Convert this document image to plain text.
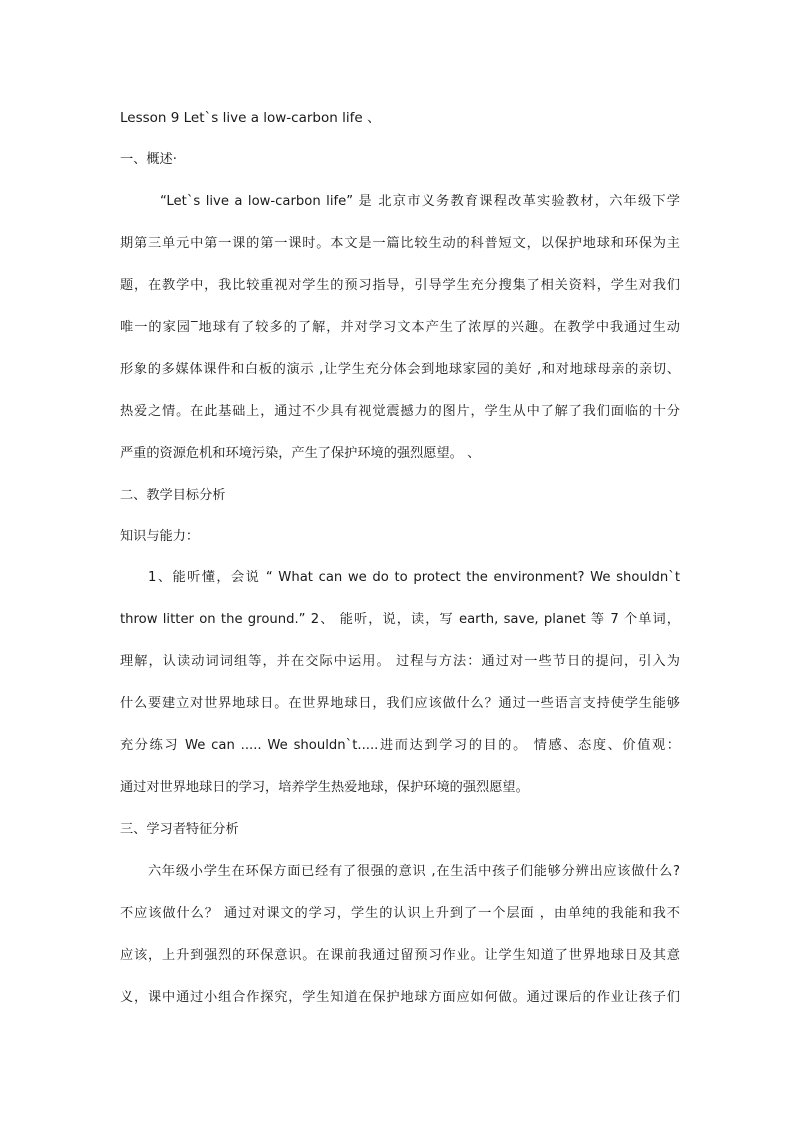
Lesson 9 Let`s live a low-carbon life 、
一、概述·
“Let`s live a low-carbon life” 是 北京市义务教育课程改革实验教材，六年级下学
期第三单元中第一课的第一课时。本文是一篇比较生动的科普短文，以保护地球和环保为主
题，在教学中，我比较重视对学生的预习指导，引导学生充分搜集了相关资料，学生对我们
唯一的家园‾地球有了较多的了解，并对学习文本产生了浓厚的兴趣。在教学中我通过生动
形象的多媒体课件和白板的演示 ,让学生充分体会到地球家园的美好 ,和对地球母亲的亲切、
热爱之情。在此基础上，通过不少具有视觉震撼力的图片，学生从中了解了我们面临的十分
严重的资源危机和环境污染，产生了保护环境的强烈愿望。 、
二、教学目标分析
知识与能力：
1、能听懂，会说 “ What can we do to protect the environment? We shouldn`t
throw litter on the ground.” 2、 能听，说，读，写 earth, save, planet 等 7 个单词，
理解，认读动词词组等，并在交际中运用。 过程与方法：通过对一些节日的提问，引入为
什么要建立对世界地球日。在世界地球日，我们应该做什么？通过一些语言支持使学生能够
充分练习 We can ..... We shouldn`t.....进而达到学习的目的。 情感、态度、价值观：
通过对世界地球日的学习，培养学生热爱地球，保护环境的强烈愿望。
三、学习者特征分析
六年级小学生在环保方面已经有了很强的意识 ,在生活中孩子们能够分辨出应该做什么?
不应该做什么？ 通过对课文的学习，学生的认识上升到了一个层面 ，由单纯的我能和我不
应该，上升到强烈的环保意识。在课前我通过留预习作业。让学生知道了世界地球日及其意
义，课中通过小组合作探究，学生知道在保护地球方面应如何做。通过课后的作业让孩子们
